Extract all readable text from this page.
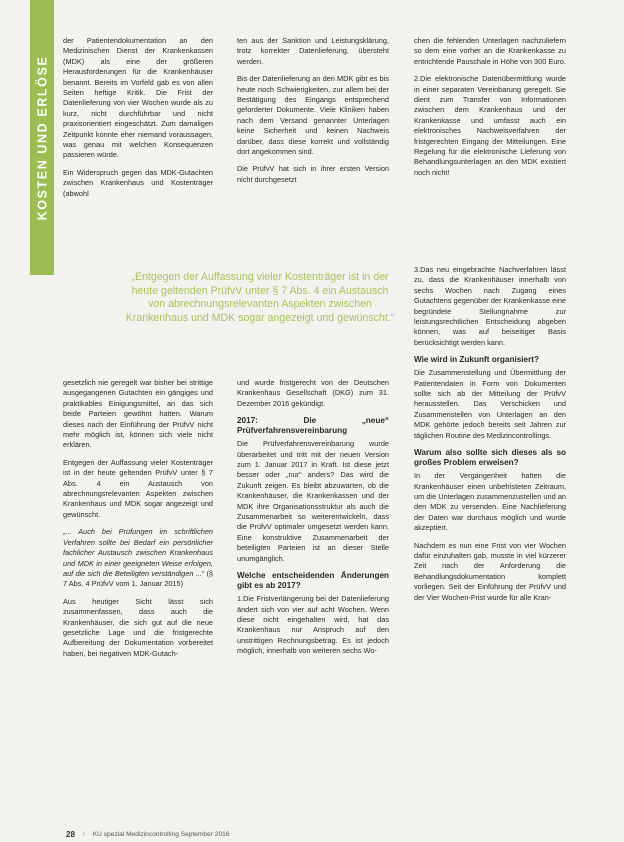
KOSTEN UND ERLÖSE

der Patientendokumentation an den Medizinischen Dienst der Krankenkassen (MDK) als eine der größeren Herausforderungen für die Krankenhäuser benannt. Bereits im Vorfeld gab es von allen Seiten heftige Kritik. Die Frist der Datenlieferung von vier Wochen wurde als zu kurz, nicht durchführbar und nicht praxisorientiert eingeschätzt. Zum damaligen Zeitpunkt konnte eher niemand voraussagen, was genau mit welchen Konsequenzen passieren würde.

Ein Widerspruch gegen das MDK-Gutachten zwischen Krankenhaus und Kostenträger (abwohl

ten aus der Sanktion und Leistungsklärung, trotz korrekter Datenlieferung, übersteht werden.

Bis der Datenlieferung an den MDK gibt es bis heute noch Schwierigkeiten, zur allem bei der Bestätigung des Eingangs entsprechend geforderter Dokumente. Viele Kliniken haben nach dem Versand genannter Unterlagen keine Sicherheit und keinen Nachweis darüber, dass diese korrekt und vollständig dort angekommen sind.

Die PrüfvV hat sich in ihrer ersten Version nicht durchgesetzt

„Entgegen der Auffassung vieler Kostenträger ist in der heute geltenden PrüfvV unter § 7 Abs. 4 ein Austausch von abrechnungsrelevanten Aspekten zwischen Krankenhaus und MDK sogar angezeigt und gewünscht.“

chen die fehlenden Unterlagen nachzuliefern so dem eine vorher an die Krankenkasse zu entrichtende Pauschale in Höhe von 300 Euro.

2.Die elektronische Datenübermittlung wurde in einer separaten Vereinbarung geregelt. Sie dient zum Transfer von Informationen zwischen dem Krankenhaus und der Krankenkasse und umfasst auch ein elektronisches Nachweisverfahren der fristgerechten Eingang der Mitteilungen. Eine Regelung für die elektronische Lieferung von Behandlungsunterlagen an den MDK existiert noch nicht!

3.Das neu eingebrachte Nachverfahren lässt zu, dass die Krankenhäuser innerhalb von sechs Wochen nach Zugang eines Gutachtens gegenüber der Krankenkasse eine begründete Stellungnahme zur leistungsrechtlichen Entscheidung abgeben können, was auf beiseitiger Basis berücksichtigt werden kann.

Wie wird in Zukunft organisiert?

Die Zusammenstellung und Übermittlung der Patientendaten in Form von Dokumenten sollte sich ab der Mitteilung der PrüfvV herausstellen. Das Verschicken und Zusammenstellen von Unterlagen an den MDK gehörte jedoch bereits seit Jahren zur täglichen Routine des Medizincontrollings.

Warum also sollte sich dieses als so großes Problem erweisen?

In der Vergangenheit hatten die Krankenhäuser einen unbefristeten Zeitraum, um die Unterlagen zusammenzustellen und an den MDK zu versenden. Eine Nachlieferung der Daten war durchaus möglich und wurde akzeptiert.

Nachdem es nun eine Frist von vier Wochen dafür einzuhalten gab, musste in viel kürzerer Zeit nach der Anforderung die Behandlungsdokumentation komplett vorliegen. Seit der Einführung der PrüfvV und der Vier Wochen-Frist wurde für alle Kran-

gesetzlich nie geregelt war bisher bei strittige ausgegangenen Gutachten ein gängiges und praktikables Einigungsmittel, an das sich beide Parteien gewöhnt hatten. Warum dieses nach der Einführung der PrüfvV nicht mehr möglich ist, können sich viele nicht erklären.

Entgegen der Auffassung vieler Kostenträger ist in der heute geltenden PrüfvV unter § 7 Abs. 4 ein Austausch von abrechnungsrelevanten Aspekten zwischen Krankenhaus und MDK sogar angezeigt und gewünscht.

„... Auch bei Prüfungen im schriftlichen Verfahren sollte bei Bedarf ein persönlicher fachlicher Austausch zwischen Krankenhaus und MDK in einer geeigneten Weise erfolgen, auf die sich die Beteiligten verständigen ...“ (§ 7 Abs. 4 PrüfvV vom 1. Januar 2015)

Aus heutiger Sicht lässt sich zusammenfassen, dass auch die Krankenhäuser, die sich gut auf die neue gesetzliche Lage und die fristgerechte Aufbereitung der Dokumentation vorbereitet haben, bei negativen MDK-Gutach-

und wurde fristgerecht von der Deutschen Krankenhaus Gesellschaft (DKG) zum 31. Dezember 2016 gekündigt.

2017: Die „neue“ Prüfverfahrensvereinbarung

Die Prüfverfahrensvereinbarung wurde überarbeitet und tritt mit der neuen Version zum 1. Januar 2017 in Kraft. Ist diese jetzt besser oder „nur“ anders? Das wird die Zukunft zeigen. Es bleibt abzuwarten, ob die Krankenhäuser, die Krankenkassen und der MDK ihre Organisationsstruktur als auch die Zusammenarbeit so weiterentwickeln, dass die PrüfvV optimaler umgesetzt werden kann. Eine konstruktive Zusammenarbeit der beteiligten Parteien ist an dieser Stelle unumgänglich.

Welche entscheidenden Änderungen gibt es ab 2017?

1.Die Fristverlängerung bei der Datenlieferung ändert sich von vier auf acht Wochen. Wenn diese nicht eingehalten wird, hat das Krankenhaus nur Anspruch auf den unstrittigen Rechnungsbetrag. Es ist jedoch möglich, innerhalb von weiteren sechs Wo-

28 / KU spezial Medizincontrolling September 2016
